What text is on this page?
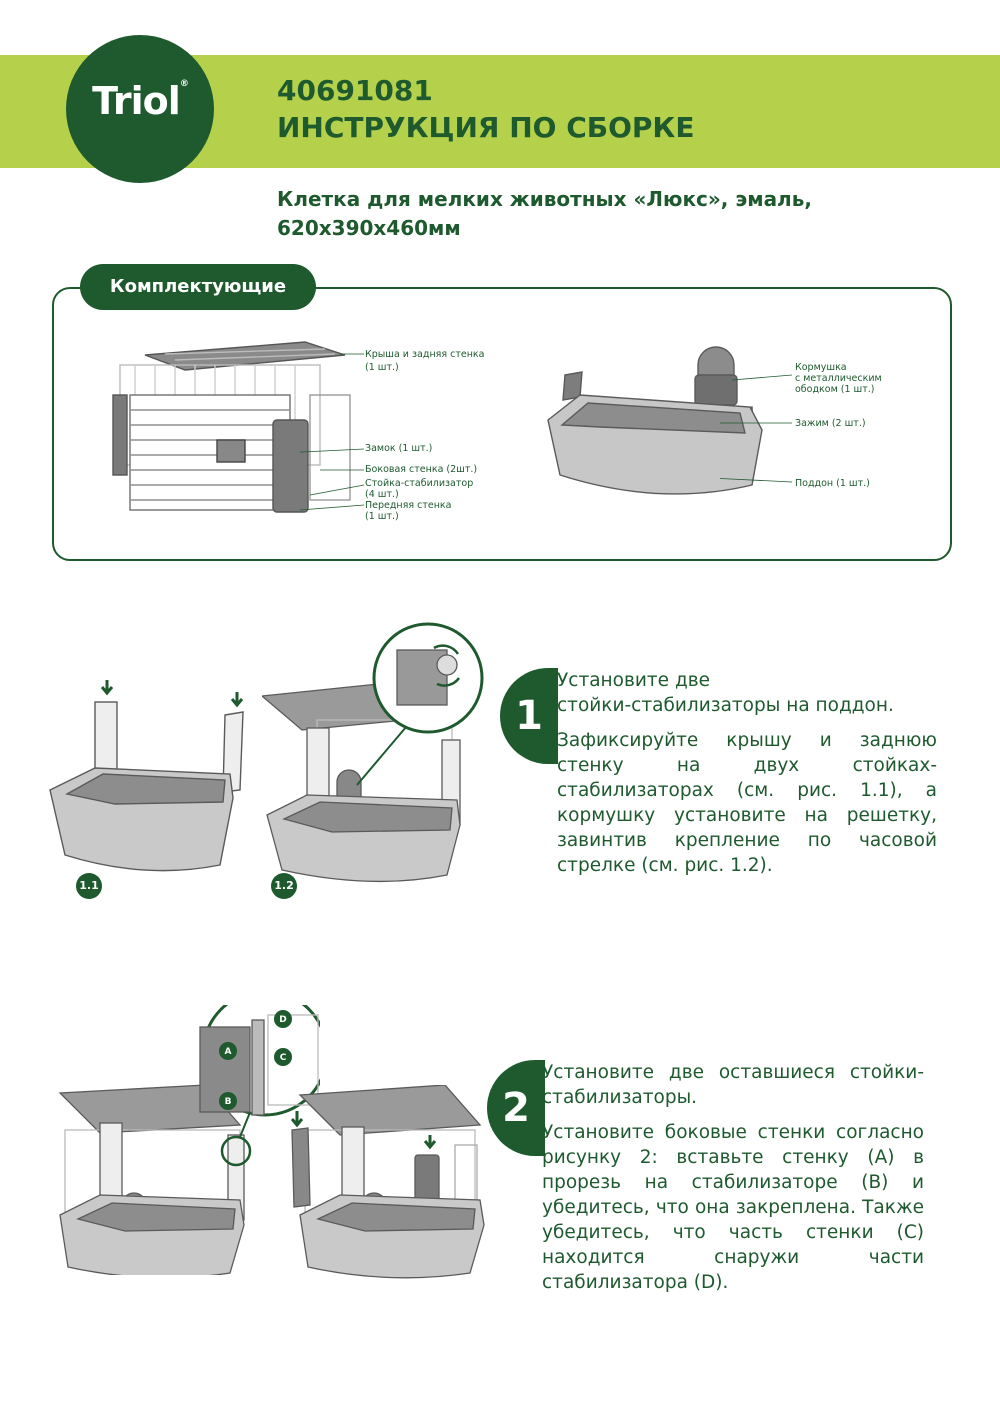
Triol®	40691081
ИНСТРУКЦИЯ ПО СБОРКЕ
Клетка для мелких животных «Люкс», эмаль, 620x390x460мм
Комплектующие
Крыша и задняя стенка
(1 шт.)
Замок (1 шт.)
Боковая стенка (2шт.)
Стойка-стабилизатор
(4 шт.)
Передняя стенка
(1 шт.)
Кормушка
с металлическим
ободком (1 шт.)
Зажим (2 шт.)
Поддон (1 шт.)
1.1	1.2
1

Установите две
стойки-стабилизаторы на поддон.

Зафиксируйте крышу и заднюю стенку на двух стойках-стабилизаторах (см. рис. 1.1), а кормушку установите на решетку, завинтив крепление по часовой стрелке (см. рис. 1.2).

A
B
C
D
2

Установите две оставшиеся стойки-стабилизаторы.

Установите боковые стенки согласно рисунку 2: вставьте стенку (А) в прорезь на стабилизаторе (В) и убедитесь, что она закреплена. Также убедитесь, что часть стенки (С) находится снаружи части стабилизатора (D).
